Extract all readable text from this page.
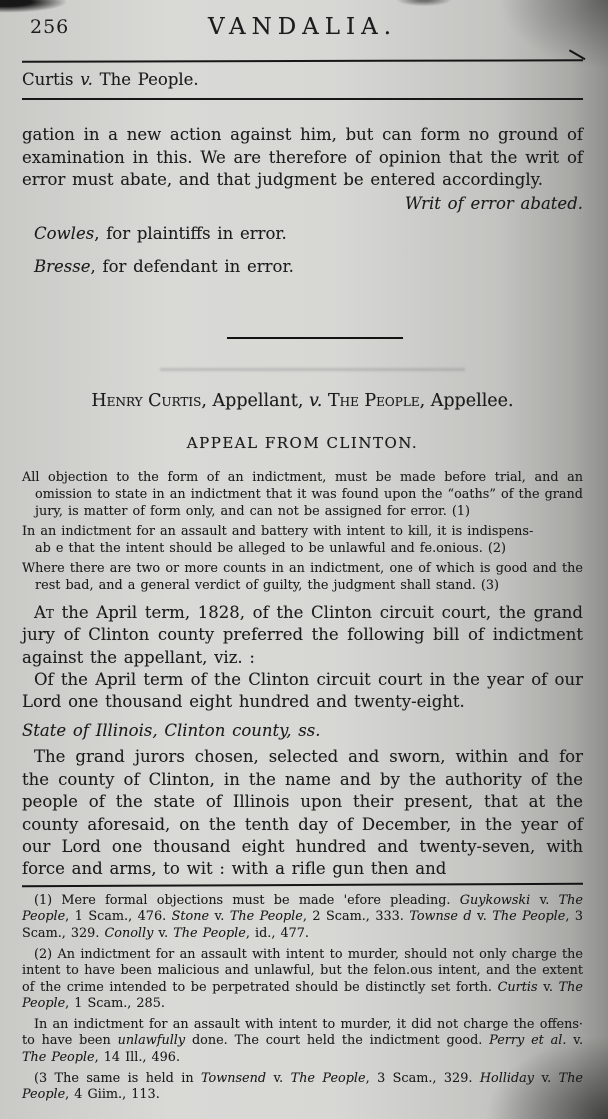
256	VANDALIA.
Curtis v. The People.

gation in a new action against him, but can form no ground of examination in this. We are therefore of opinion that the writ of error must abate, and that judgment be entered accordingly.

Writ of error abated.

Cowles, for plaintiffs in error.

Bresse, for defendant in error.

Henry Curtis, Appellant, v. The People, Appellee.
APPEAL FROM CLINTON.

All objection to the form of an indictment, must be made before trial, and an omission to state in an indictment that it was found upon the “oaths” of the grand jury, is matter of form only, and can not be assigned for error. (1)

In an indictment for an assault and battery with intent to kill, it is indispens-
ab e that the intent should be alleged to be unlawful and fe.onious. (2)

Where there are two or more counts in an indictment, one of which is good and the rest bad, and a general verdict of guilty, the judgment shall stand. (3)

At the April term, 1828, of the Clinton circuit court, the grand jury of Clinton county preferred the following bill of indictment against the appellant, viz. :

Of the April term of the Clinton circuit court in the year of our Lord one thousand eight hundred and twenty-eight.

State of Illinois, Clinton county, ss.

The grand jurors chosen, selected and sworn, within and for the county of Clinton, in the name and by the authority of the people of the state of Illinois upon their present, that at the county aforesaid, on the tenth day of December, in the year of our Lord one thousand eight hundred and twenty-seven, with force and arms, to wit : with a rifle gun then and

(1) Mere formal objections must be made 'efore pleading. Guykowski v. The People, 1 Scam., 476. Stone v. The People, 2 Scam., 333. Townse d v. The People, 3 Scam., 329. Conolly v. The People, id., 477.

(2) An indictment for an assault with intent to murder, should not only charge the intent to have been malicious and unlawful, but the felon.ous intent, and the extent of the crime intended to be perpetrated should be distinctly set forth. Curtis v. The People, 1 Scam., 285.

In an indictment for an assault with intent to murder, it did not charge the offens· to have been unlawfully done. The court held the indictment good. Perry et al. v. The People, 14 Ill., 496.

(3 The same is held in Townsend v. The People, 3 Scam., 329. Holliday v. The People, 4 Giim., 113.
